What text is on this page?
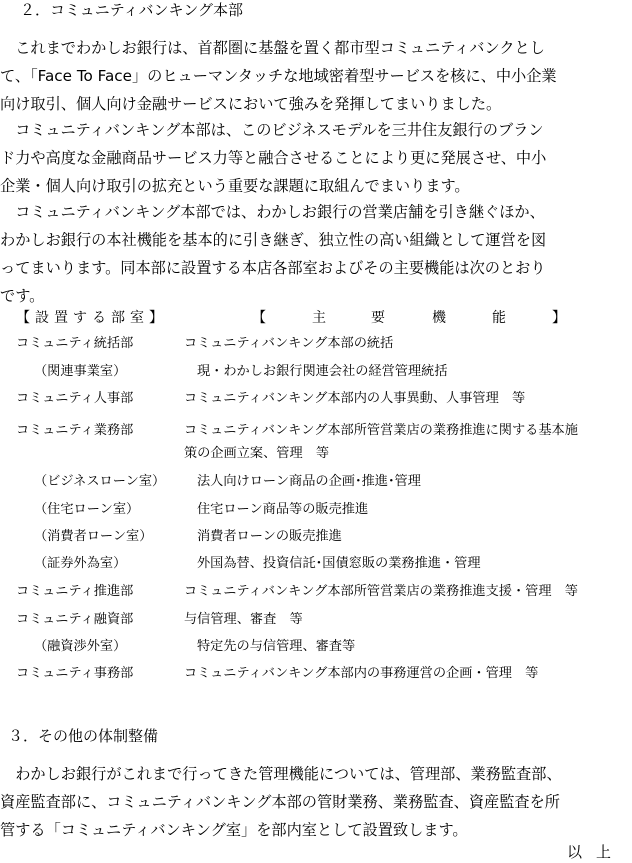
２．コミュニティバンキング本部
　これまでわかしお銀行は、首都圏に基盤を置く都市型コミュニティバンクとし
て、「Face To Face」のヒューマンタッチな地域密着型サービスを核に、中小企業
向け取引、個人向け金融サービスにおいて強みを発揮してまいりました。
　コミュニティバンキング本部は、このビジネスモデルを三井住友銀行のブラン
ド力や高度な金融商品サービス力等と融合させることにより更に発展させ、中小
企業・個人向け取引の拡充という重要な課題に取組んでまいります。
　コミュニティバンキング本部では、わかしお銀行の営業店舗を引き継ぐほか、
わかしお銀行の本社機能を基本的に引き継ぎ、独立性の高い組織として運営を図
ってまいります。同本部に設置する本店各部室およびその主要機能は次のとおり
です。
【設置する部室】	【	主	要	機	能	】
コミュニティ統括部	コミュニティバンキング本部の統括
（関連事業室）	現・わかしお銀行関連会社の経営管理統括
コミュニティ人事部	コミュニティバンキング本部内の人事異動、人事管理　等
コミュニティ業務部	コミュニティバンキング本部所管営業店の業務推進に関する基本施
策の企画立案、管理　等
（ビジネスローン室） 法人向けローン商品の企画･推進･管理
（住宅ローン室）	住宅ローン商品等の販売推進
（消費者ローン室）	消費者ローンの販売推進
（証券外為室）	外国為替、投資信託･国債窓販の業務推進・管理
コミュニティ推進部	コミュニティバンキング本部所管営業店の業務推進支援・管理　等
コミュニティ融資部	与信管理、審査　等
（融資渉外室）	特定先の与信管理、審査等
コミュニティ事務部	コミュニティバンキング本部内の事務運営の企画・管理　等
３．その他の体制整備
　わかしお銀行がこれまで行ってきた管理機能については、管理部、業務監査部、
資産監査部に、コミュニティバンキング本部の管財業務、業務監査、資産監査を所
管する「コミュニティバンキング室」を部内室として設置致します。
以上
